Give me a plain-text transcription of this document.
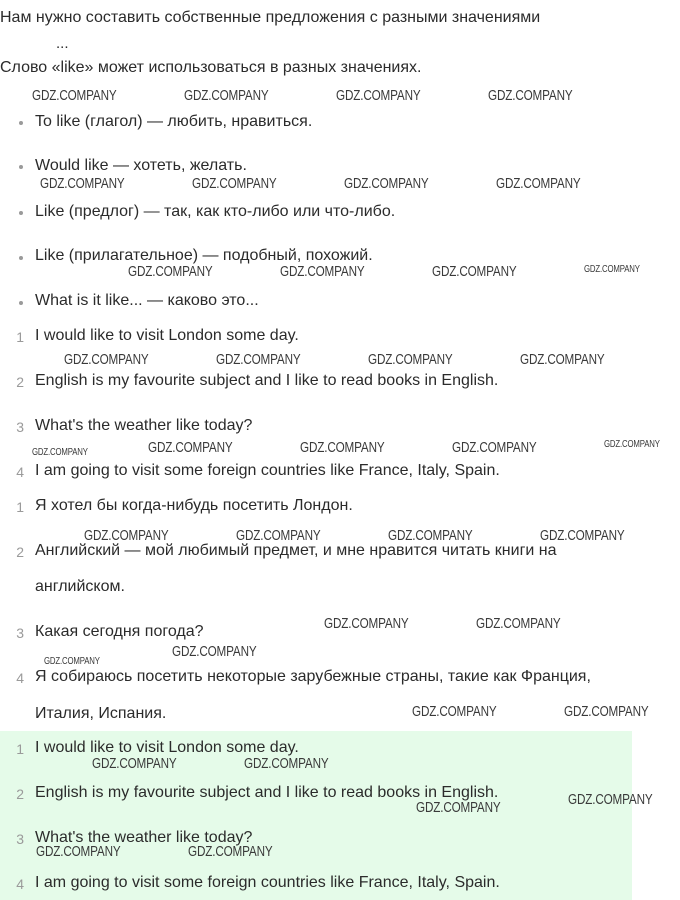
Нам нужно составить собственные предложения с разными значениями
...
Слово «like» может использоваться в разных значениях.
To like (глагол) — любить, нравиться.
Would like — хотеть, желать.
Like (предлог) — так, как кто-либо или что-либо.
Like (прилагательное) — подобный, похожий.
What is it like... — каково это...
1 I would like to visit London some day.
2 English is my favourite subject and I like to read books in English.
3 What's the weather like today?
4 I am going to visit some foreign countries like France, Italy, Spain.
1 Я хотел бы когда-нибудь посетить Лондон.
2 Английский — мой любимый предмет, и мне нравится читать книги на
английском.
3 Какая сегодня погода?
4 Я собираюсь посетить некоторые зарубежные страны, такие как Франция,
Италия, Испания.
1 I would like to visit London some day.
2 English is my favourite subject and I like to read books in English.
3 What's the weather like today?
4 I am going to visit some foreign countries like France, Italy, Spain.
GDZ.COMPANY	GDZ.COMPANY	GDZ.COMPANY	GDZ.COMPANY
GDZ.COMPANY	GDZ.COMPANY	GDZ.COMPANY	GDZ.COMPANY
GDZ.COMPANY	GDZ.COMPANY	GDZ.COMPANY	GDZ.COMPANY
GDZ.COMPANY	GDZ.COMPANY	GDZ.COMPANY	GDZ.COMPANY
GDZ.COMPANY	GDZ.COMPANY	GDZ.COMPANY	GDZ.COMPANY	GDZ.COMPANY
GDZ.COMPANY	GDZ.COMPANY	GDZ.COMPANY	GDZ.COMPANY
GDZ.COMPANY	GDZ.COMPANY
GDZ.COMPANY
GDZ.COMPANY
GDZ.COMPANY	GDZ.COMPANY
GDZ.COMPANY	GDZ.COMPANY
GDZ.COMPANY
GDZ.COMPANY
GDZ.COMPANY	GDZ.COMPANY
